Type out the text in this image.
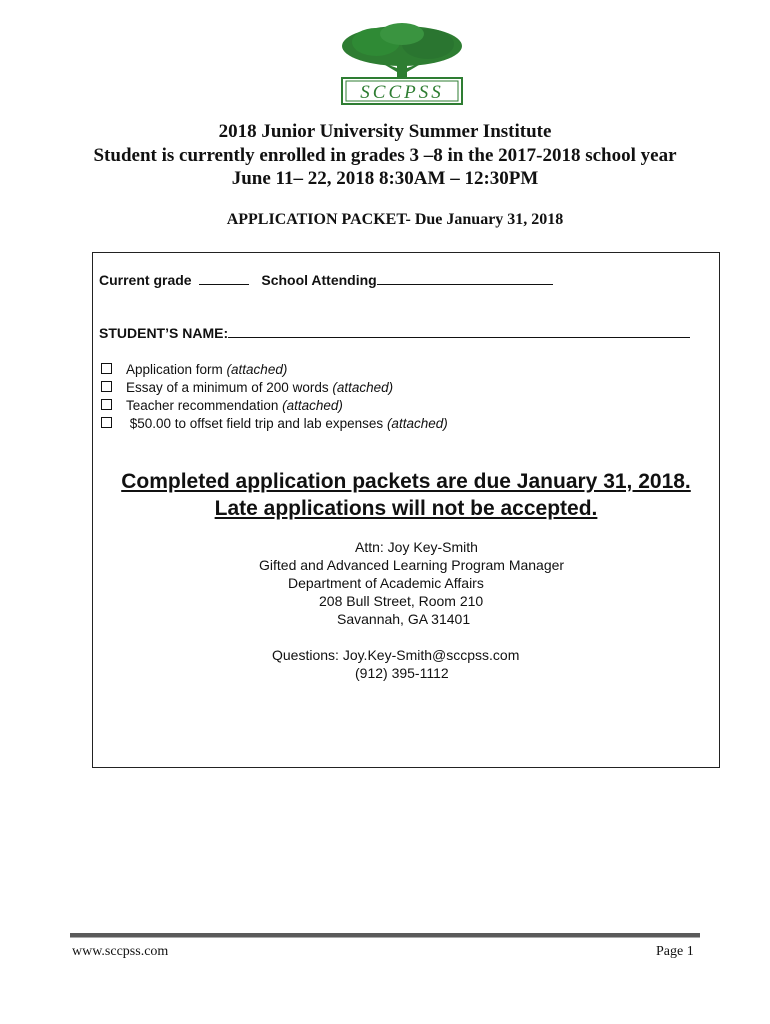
SCCPSS
2018 Junior University Summer Institute
Student is currently enrolled in grades 3 –8 in the 2017-2018 school year
June 11– 22, 2018 8:30AM – 12:30PM
APPLICATION PACKET- Due January 31, 2018
Current grade	School Attending
STUDENT’S NAME:
Application form (attached)
Essay of a minimum of 200 words (attached)
Teacher recommendation (attached)
$50.00 to offset field trip and lab expenses (attached)
Completed application packets are due January 31, 2018.
Late applications will not be accepted.
Attn: Joy Key-Smith
Gifted and Advanced Learning Program Manager
Department of Academic Affairs
208 Bull Street, Room 210
Savannah, GA 31401
Questions: Joy.Key-Smith@sccpss.com
(912) 395-1112
www.sccpss.com	Page 1
